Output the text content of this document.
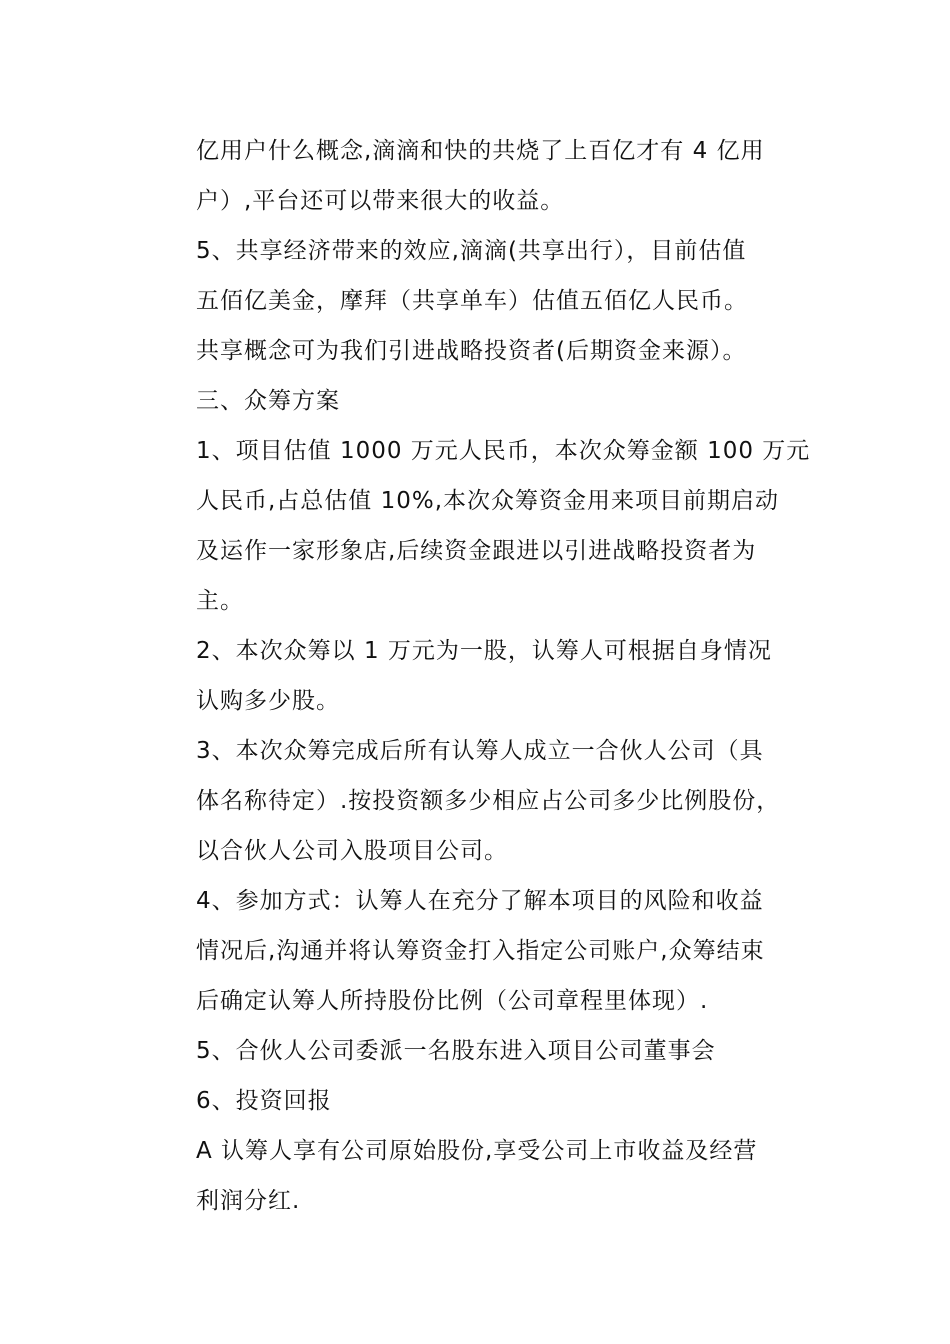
亿用户什么概念,滴滴和快的共烧了上百亿才有 4 亿用
户）,平台还可以带来很大的收益。
5、共享经济带来的效应,滴滴(共享出行），目前估值
五佰亿美金，摩拜（共享单车）估值五佰亿人民币。
共享概念可为我们引进战略投资者(后期资金来源）。
三、众筹方案
1、项目估值 1000 万元人民币，本次众筹金额 100 万元
人民币,占总估值 10%,本次众筹资金用来项目前期启动
及运作一家形象店,后续资金跟进以引进战略投资者为
主。
2、本次众筹以 1 万元为一股，认筹人可根据自身情况
认购多少股。
3、本次众筹完成后所有认筹人成立一合伙人公司（具
体名称待定）.按投资额多少相应占公司多少比例股份，
以合伙人公司入股项目公司。
4、参加方式：认筹人在充分了解本项目的风险和收益
情况后,沟通并将认筹资金打入指定公司账户,众筹结束
后确定认筹人所持股份比例（公司章程里体现）.
5、合伙人公司委派一名股东进入项目公司董事会
6、投资回报
A 认筹人享有公司原始股份,享受公司上市收益及经营
利润分红.
